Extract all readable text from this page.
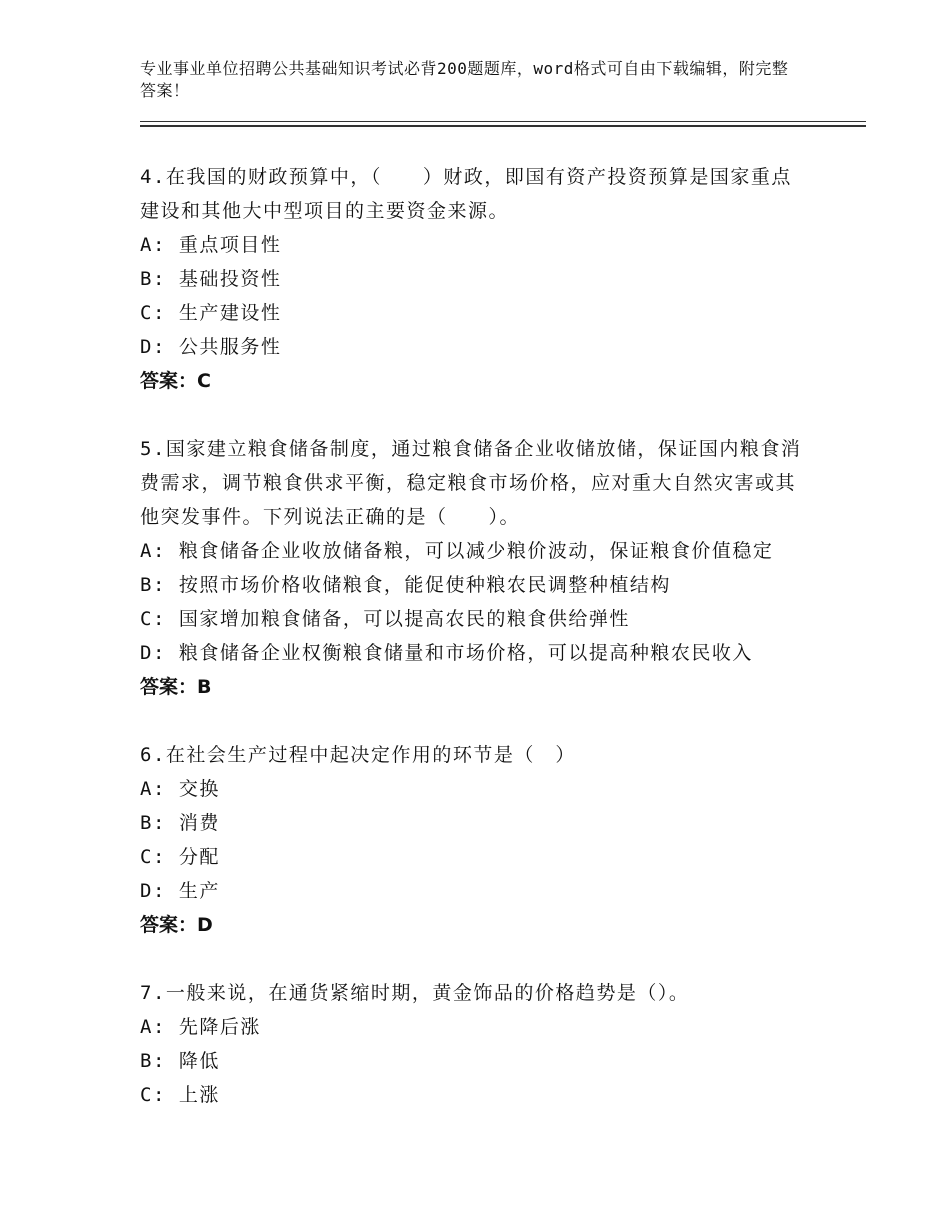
专业事业单位招聘公共基础知识考试必背200题题库，word格式可自由下载编辑，附完整答案！
4.在我国的财政预算中，（　　）财政，即国有资产投资预算是国家重点建设和其他大中型项目的主要资金来源。
A: 重点项目性
B: 基础投资性
C: 生产建设性
D: 公共服务性
答案：C
5.国家建立粮食储备制度，通过粮食储备企业收储放储，保证国内粮食消费需求，调节粮食供求平衡，稳定粮食市场价格，应对重大自然灾害或其他突发事件。下列说法正确的是（　　）。
A: 粮食储备企业收放储备粮，可以减少粮价波动，保证粮食价值稳定
B: 按照市场价格收储粮食，能促使种粮农民调整种植结构
C: 国家增加粮食储备，可以提高农民的粮食供给弹性
D: 粮食储备企业权衡粮食储量和市场价格，可以提高种粮农民收入
答案：B
6.在社会生产过程中起决定作用的环节是（　）
A: 交换
B: 消费
C: 分配
D: 生产
答案：D
7.一般来说，在通货紧缩时期，黄金饰品的价格趋势是（）。
A: 先降后涨
B: 降低
C: 上涨
